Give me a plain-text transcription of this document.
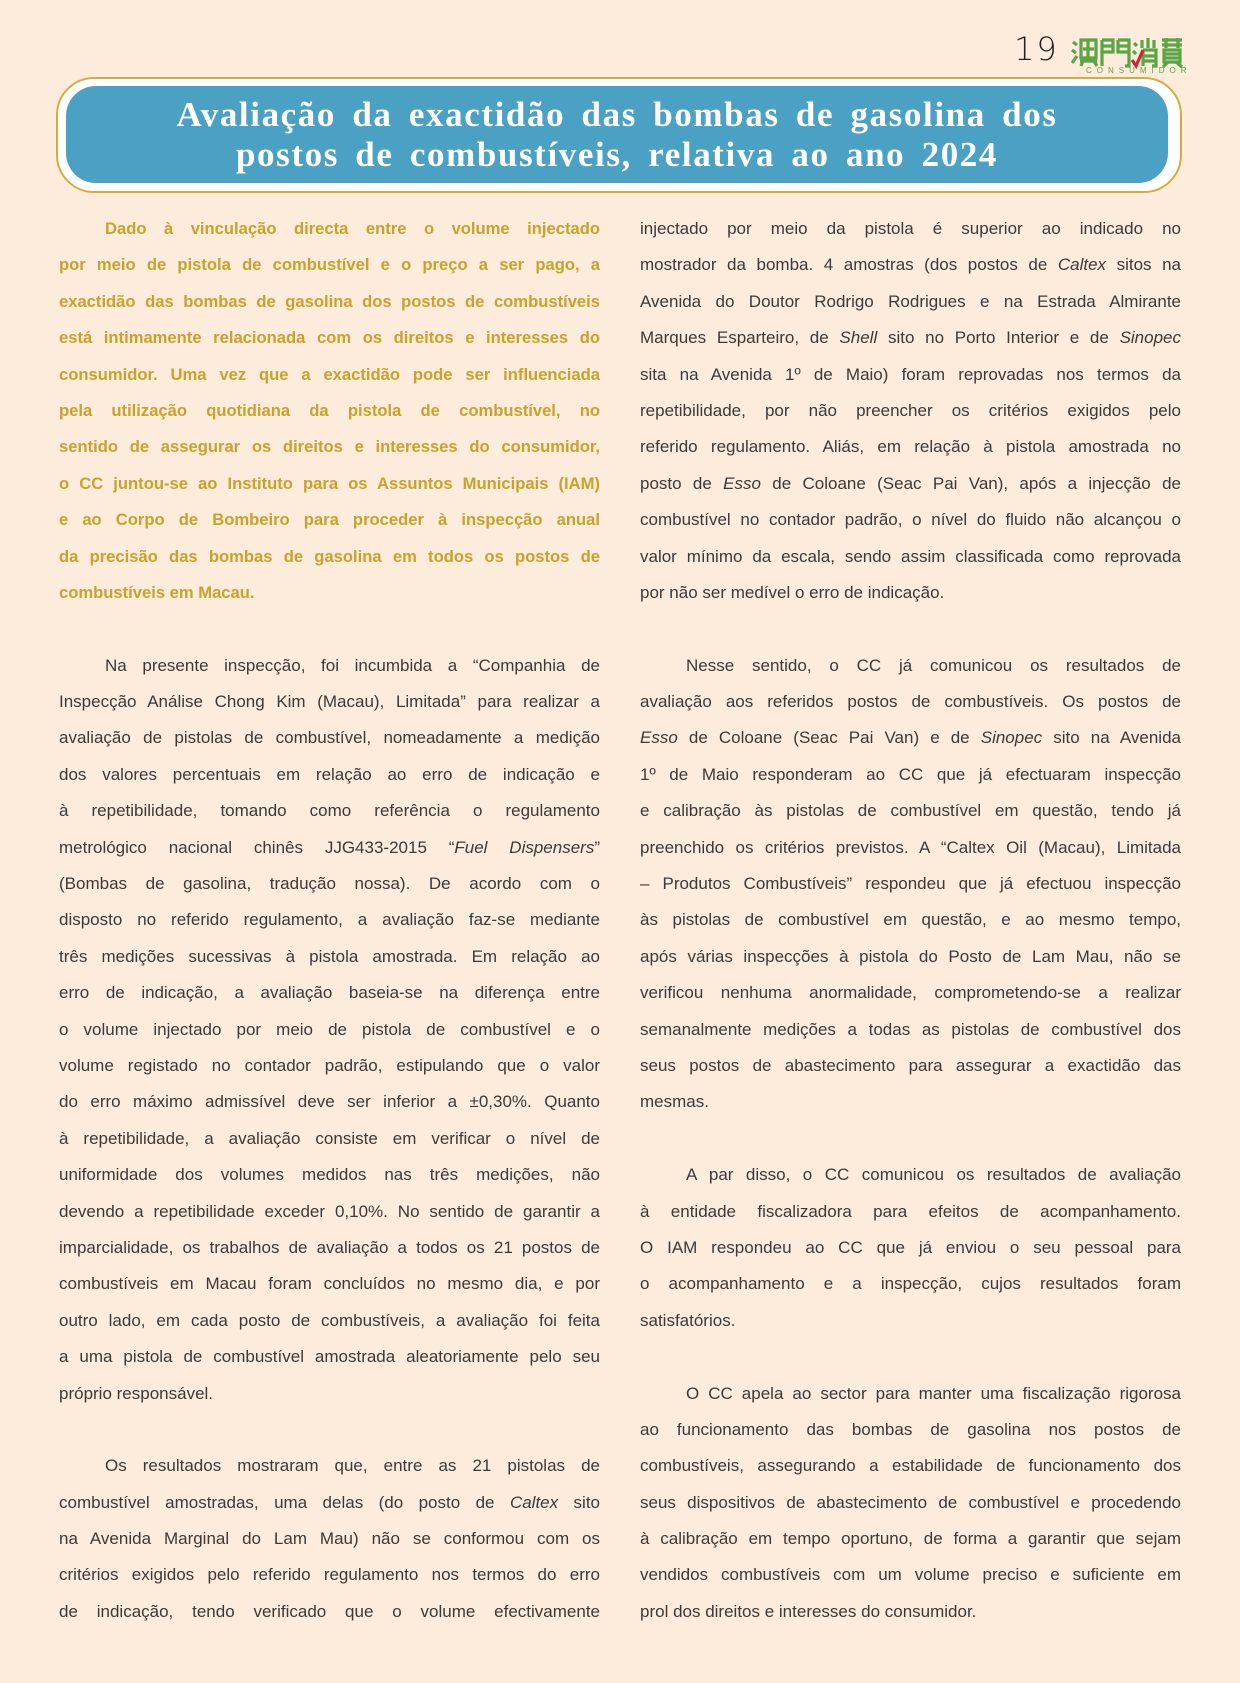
19
CONSUMIDOR
Avaliação da exactidão das bombas de gasolina dos
postos de combustíveis, relativa ao ano 2024
Dado à vinculação directa entre o volume injectado
por meio de pistola de combustível e o preço a ser pago, a
exactidão das bombas de gasolina dos postos de combustíveis
está intimamente relacionada com os direitos e interesses do
consumidor. Uma vez que a exactidão pode ser influenciada
pela utilização quotidiana da pistola de combustível, no
sentido de assegurar os direitos e interesses do consumidor,
o CC juntou-se ao Instituto para os Assuntos Municipais (IAM)
e ao Corpo de Bombeiro para proceder à inspecção anual
da precisão das bombas de gasolina em todos os postos de
combustíveis em Macau.
Na presente inspecção, foi incumbida a “Companhia de
Inspecção Análise Chong Kim (Macau), Limitada” para realizar a
avaliação de pistolas de combustível, nomeadamente a medição
dos valores percentuais em relação ao erro de indicação e
à repetibilidade, tomando como referência o regulamento
metrológico nacional chinês JJG433-2015 “Fuel Dispensers”
(Bombas de gasolina, tradução nossa). De acordo com o
disposto no referido regulamento, a avaliação faz-se mediante
três medições sucessivas à pistola amostrada. Em relação ao
erro de indicação, a avaliação baseia-se na diferença entre
o volume injectado por meio de pistola de combustível e o
volume registado no contador padrão, estipulando que o valor
do erro máximo admissível deve ser inferior a ±0,30%. Quanto
à repetibilidade, a avaliação consiste em verificar o nível de
uniformidade dos volumes medidos nas três medições, não
devendo a repetibilidade exceder 0,10%. No sentido de garantir a
imparcialidade, os trabalhos de avaliação a todos os 21 postos de
combustíveis em Macau foram concluídos no mesmo dia, e por
outro lado, em cada posto de combustíveis, a avaliação foi feita
a uma pistola de combustível amostrada aleatoriamente pelo seu
próprio responsável.
Os resultados mostraram que, entre as 21 pistolas de
combustível amostradas, uma delas (do posto de Caltex sito
na Avenida Marginal do Lam Mau) não se conformou com os
critérios exigidos pelo referido regulamento nos termos do erro
de indicação, tendo verificado que o volume efectivamente
injectado por meio da pistola é superior ao indicado no
mostrador da bomba. 4 amostras (dos postos de Caltex sitos na
Avenida do Doutor Rodrigo Rodrigues e na Estrada Almirante
Marques Esparteiro, de Shell sito no Porto Interior e de Sinopec
sita na Avenida 1º de Maio) foram reprovadas nos termos da
repetibilidade, por não preencher os critérios exigidos pelo
referido regulamento. Aliás, em relação à pistola amostrada no
posto de Esso de Coloane (Seac Pai Van), após a injecção de
combustível no contador padrão, o nível do fluido não alcançou o
valor mínimo da escala, sendo assim classificada como reprovada
por não ser medível o erro de indicação.
Nesse sentido, o CC já comunicou os resultados de
avaliação aos referidos postos de combustíveis. Os postos de
Esso de Coloane (Seac Pai Van) e de Sinopec sito na Avenida
1º de Maio responderam ao CC que já efectuaram inspecção
e calibração às pistolas de combustível em questão, tendo já
preenchido os critérios previstos. A “Caltex Oil (Macau), Limitada
– Produtos Combustíveis” respondeu que já efectuou inspecção
às pistolas de combustível em questão, e ao mesmo tempo,
após várias inspecções à pistola do Posto de Lam Mau, não se
verificou nenhuma anormalidade, comprometendo-se a realizar
semanalmente medições a todas as pistolas de combustível dos
seus postos de abastecimento para assegurar a exactidão das
mesmas.
A par disso, o CC comunicou os resultados de avaliação
à entidade fiscalizadora para efeitos de acompanhamento.
O IAM respondeu ao CC que já enviou o seu pessoal para
o acompanhamento e a inspecção, cujos resultados foram
satisfatórios.
O CC apela ao sector para manter uma fiscalização rigorosa
ao funcionamento das bombas de gasolina nos postos de
combustíveis, assegurando a estabilidade de funcionamento dos
seus dispositivos de abastecimento de combustível e procedendo
à calibração em tempo oportuno, de forma a garantir que sejam
vendidos combustíveis com um volume preciso e suficiente em
prol dos direitos e interesses do consumidor.
